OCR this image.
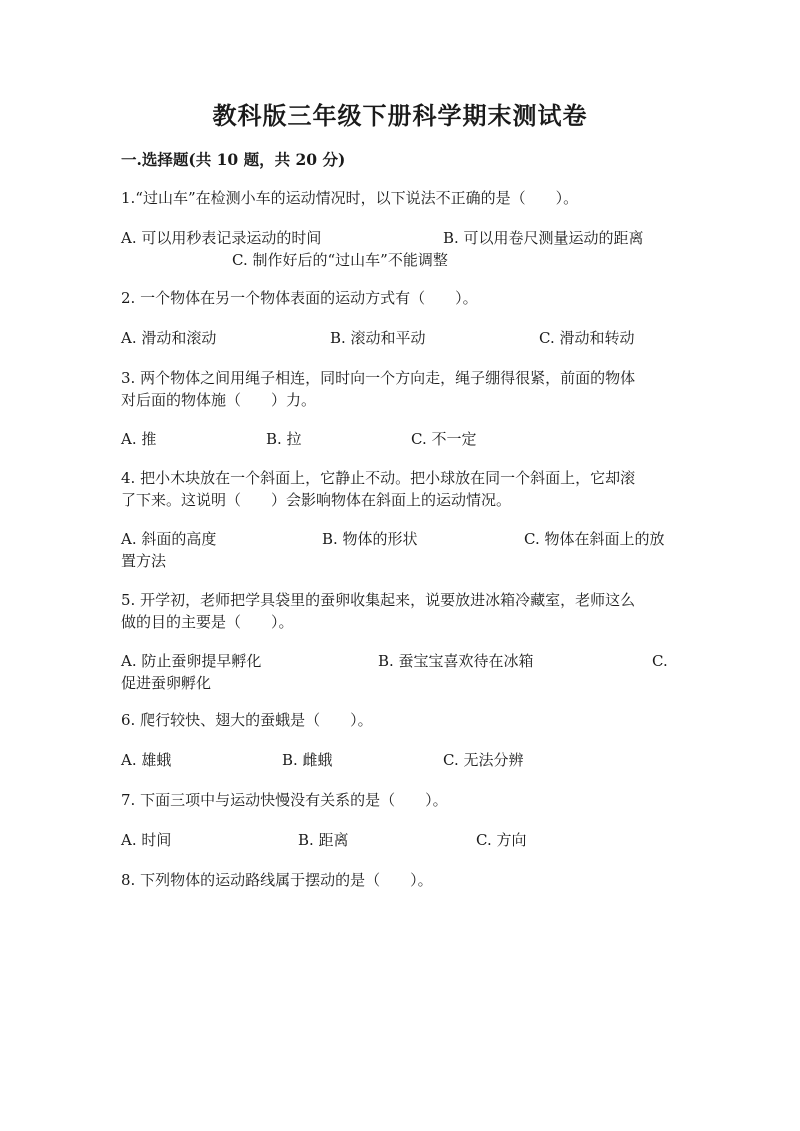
教科版三年级下册科学期末测试卷
一.选择题(共 10 题，共 20 分)
1.“过山车”在检测小车的运动情况时，以下说法不正确的是（　　）。
A. 可以用秒表记录运动的时间	B. 可以用卷尺测量运动的距离
C. 制作好后的“过山车”不能调整
2. 一个物体在另一个物体表面的运动方式有（　　）。
A. 滑动和滚动	B. 滚动和平动	C. 滑动和转动
3. 两个物体之间用绳子相连，同时向一个方向走，绳子绷得很紧，前面的物体
对后面的物体施（　　）力。
A. 推	B. 拉	C. 不一定
4. 把小木块放在一个斜面上，它静止不动。把小球放在同一个斜面上，它却滚
了下来。这说明（　　）会影响物体在斜面上的运动情况。
A. 斜面的高度	B. 物体的形状	C. 物体在斜面上的放
置方法
5. 开学初，老师把学具袋里的蚕卵收集起来，说要放进冰箱冷藏室，老师这么
做的目的主要是（　　）。
A. 防止蚕卵提早孵化	B. 蚕宝宝喜欢待在冰箱	C.
促进蚕卵孵化
6. 爬行较快、翅大的蚕蛾是（　　）。
A. 雄蛾	B. 雌蛾	C. 无法分辨
7. 下面三项中与运动快慢没有关系的是（　　）。
A. 时间	B. 距离	C. 方向
8. 下列物体的运动路线属于摆动的是（　　）。
